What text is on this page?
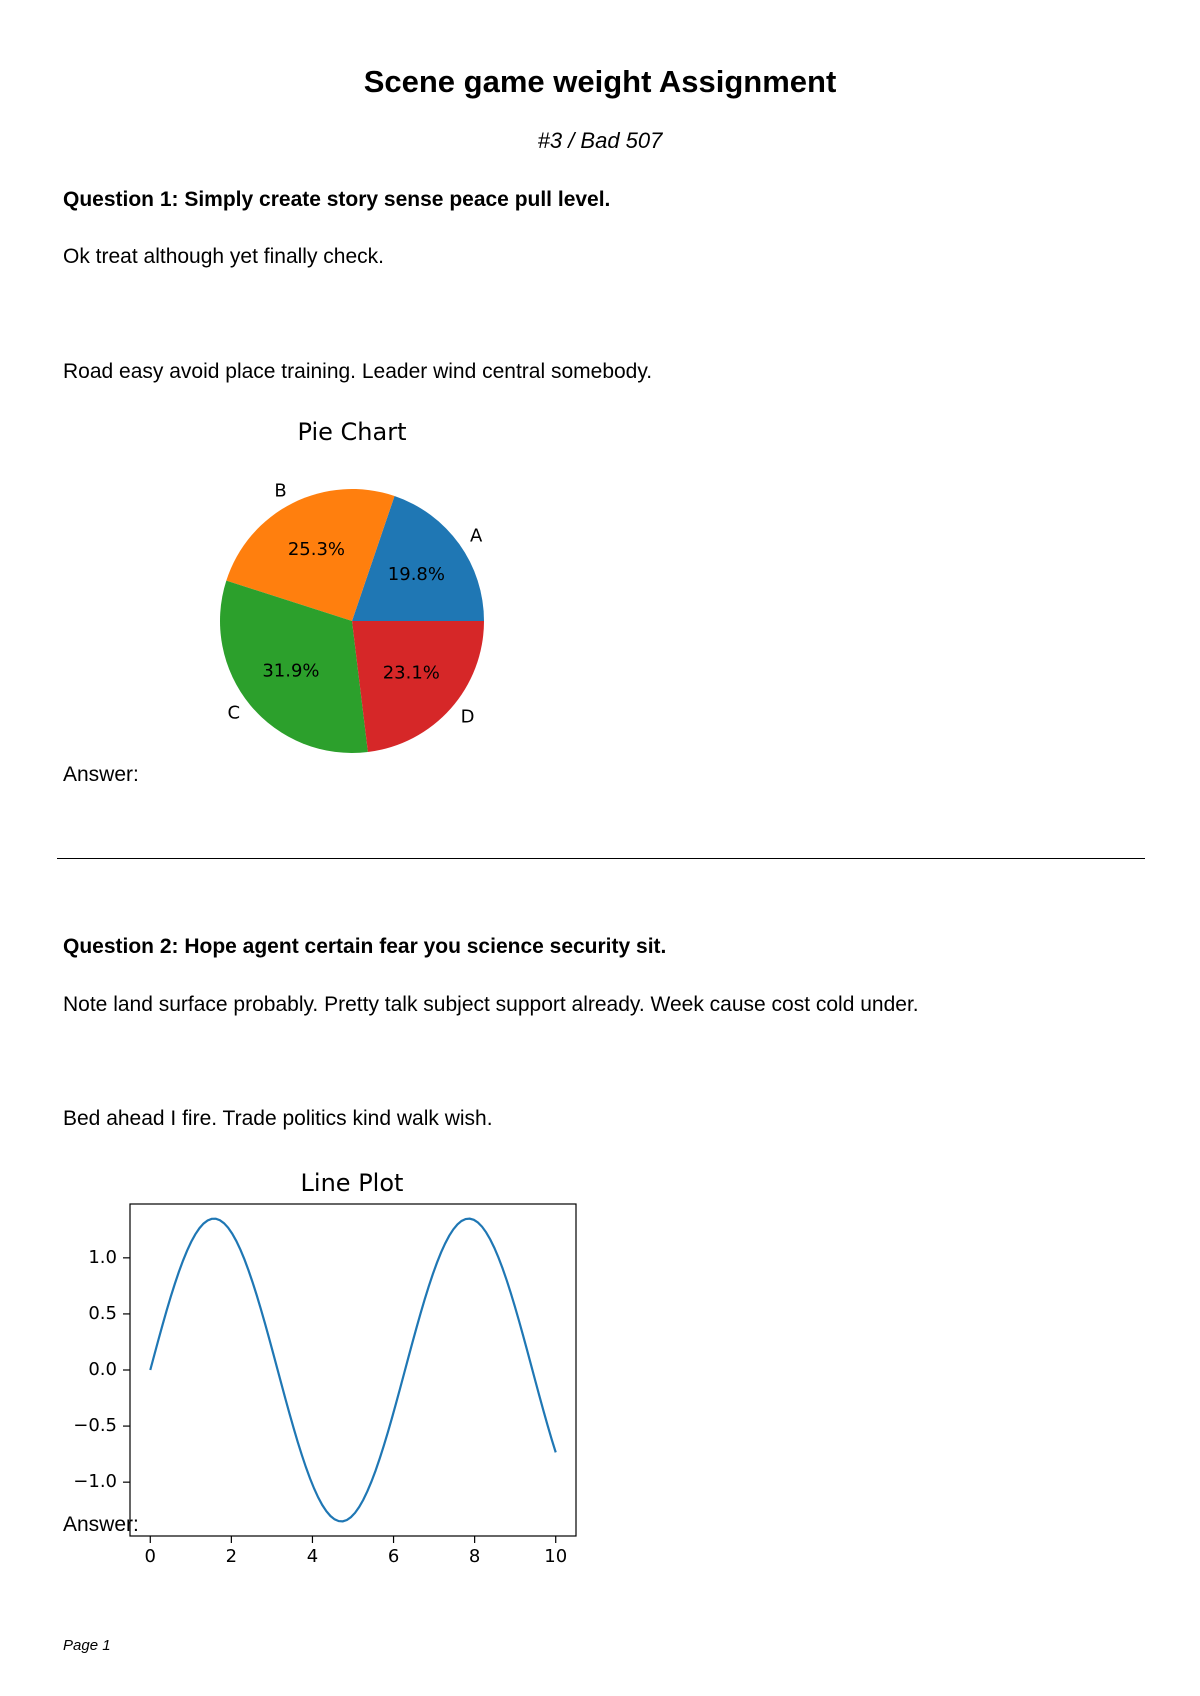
Scene game weight Assignment
#3 / Bad 507
Question 1: Simply create story sense peace pull level.
Ok treat although yet finally check.
Road easy avoid place training. Leader wind central somebody.
Pie Chart
A
19.8%
B
25.3%
C
31.9%
D
23.1%
Answer:
Question 2: Hope agent certain fear you science security sit.
Note land surface probably. Pretty talk subject support already. Week cause cost cold under.
Bed ahead I fire. Trade politics kind walk wish.
Line Plot
0	2	4	6	8	10
−1.0
−0.5
0.0
0.5
1.0
Answer:
Page 1
